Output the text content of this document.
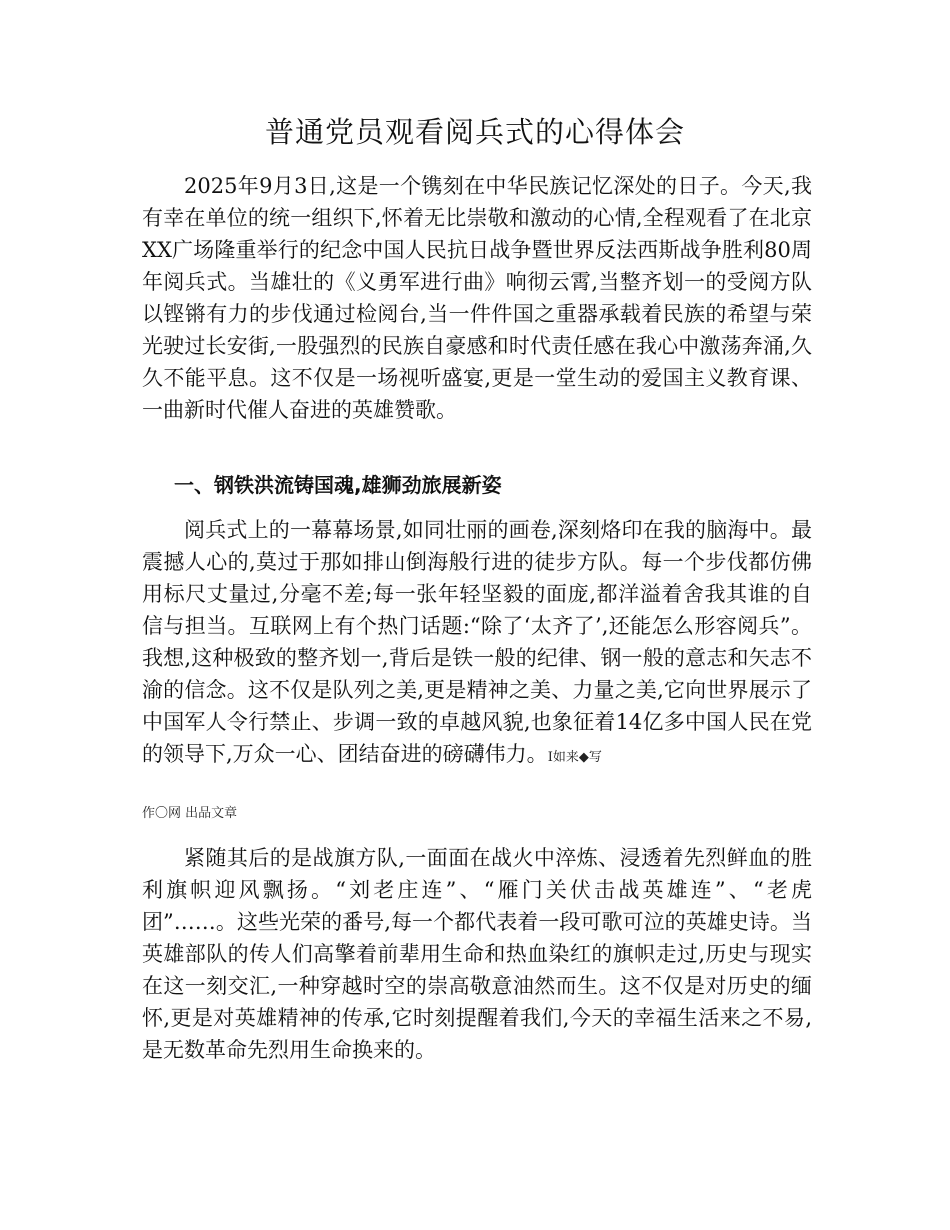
普通党员观看阅兵式的心得体会

2025年9月3日,这是一个镌刻在中华民族记忆深处的日子。今天,我有幸在单位的统一组织下,怀着无比崇敬和激动的心情,全程观看了在北京XX广场隆重举行的纪念中国人民抗日战争暨世界反法西斯战争胜利80周年阅兵式。当雄壮的《义勇军进行曲》响彻云霄,当整齐划一的受阅方队以铿锵有力的步伐通过检阅台,当一件件国之重器承载着民族的希望与荣光驶过长安街,一股强烈的民族自豪感和时代责任感在我心中激荡奔涌,久久不能平息。这不仅是一场视听盛宴,更是一堂生动的爱国主义教育课、一曲新时代催人奋进的英雄赞歌。

一、钢铁洪流铸国魂,雄狮劲旅展新姿

阅兵式上的一幕幕场景,如同壮丽的画卷,深刻烙印在我的脑海中。最震撼人心的,莫过于那如排山倒海般行进的徒步方队。每一个步伐都仿佛用标尺丈量过,分毫不差;每一张年轻坚毅的面庞,都洋溢着舍我其谁的自信与担当。互联网上有个热门话题:“除了‘太齐了’,还能怎么形容阅兵”。我想,这种极致的整齐划一,背后是铁一般的纪律、钢一般的意志和矢志不渝的信念。这不仅是队列之美,更是精神之美、力量之美,它向世界展示了中国军人令行禁止、步调一致的卓越风貌,也象征着14亿多中国人民在党的领导下,万众一心、团结奋进的磅礴伟力。I如来◆写

作〇网 出品文章

紧随其后的是战旗方队,一面面在战火中淬炼、浸透着先烈鲜血的胜利旗帜迎风飘扬。“刘老庄连”、“雁门关伏击战英雄连”、“老虎团”……。这些光荣的番号,每一个都代表着一段可歌可泣的英雄史诗。当英雄部队的传人们高擎着前辈用生命和热血染红的旗帜走过,历史与现实在这一刻交汇,一种穿越时空的崇高敬意油然而生。这不仅是对历史的缅怀,更是对英雄精神的传承,它时刻提醒着我们,今天的幸福生活来之不易,是无数革命先烈用生命换来的。
